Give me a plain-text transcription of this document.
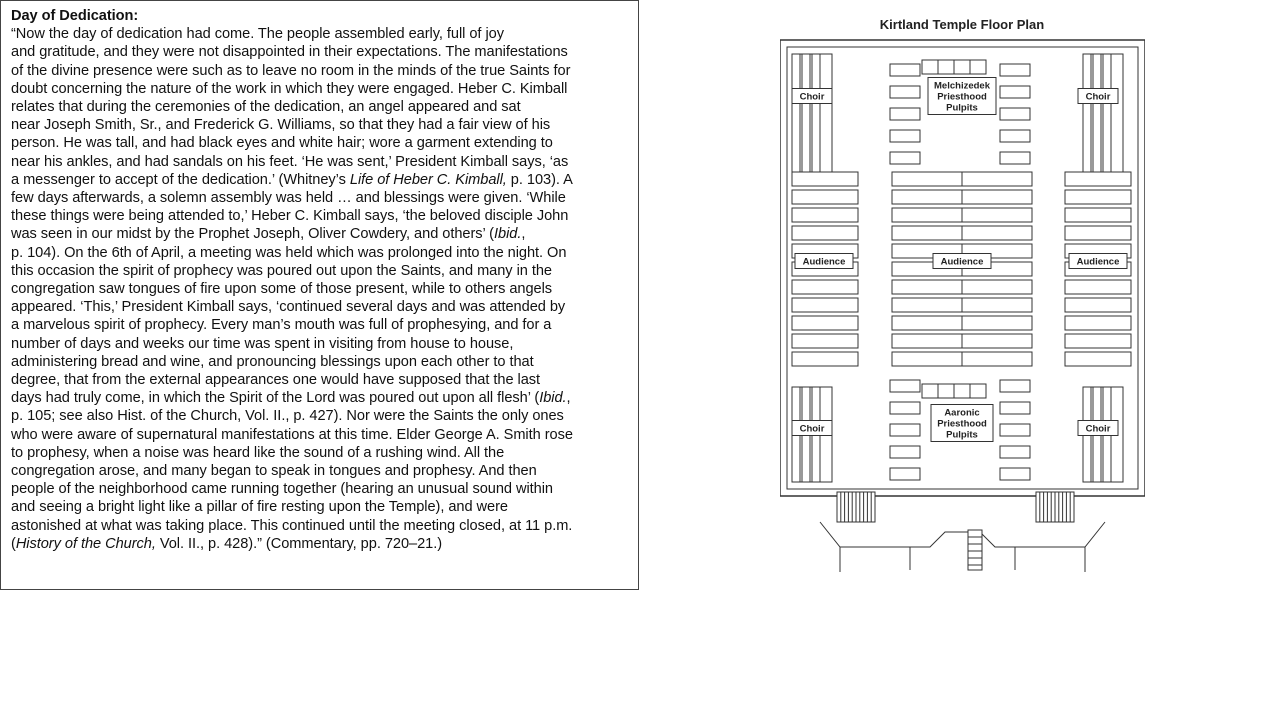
Day of Dedication:
“Now the day of dedication had come. The people assembled early, full of joy
and gratitude, and they were not disappointed in their expectations. The manifestations
of the divine presence were such as to leave no room in the minds of the true Saints for
doubt concerning the nature of the work in which they were engaged. Heber C. Kimball
relates that during the ceremonies of the dedication, an angel appeared and sat
near Joseph Smith, Sr., and Frederick G. Williams, so that they had a fair view of his
person. He was tall, and had black eyes and white hair; wore a garment extending to
near his ankles, and had sandals on his feet. ‘He was sent,’ President Kimball says, ‘as
a messenger to accept of the dedication.’ (Whitney’s Life of Heber C. Kimball, p. 103). A
few days afterwards, a solemn assembly was held … and blessings were given. ‘While
these things were being attended to,’ Heber C. Kimball says, ‘the beloved disciple John
was seen in our midst by the Prophet Joseph, Oliver Cowdery, and others’ (Ibid.,
p. 104). On the 6th of April, a meeting was held which was prolonged into the night. On
this occasion the spirit of prophecy was poured out upon the Saints, and many in the
congregation saw tongues of fire upon some of those present, while to others angels
appeared. ‘This,’ President Kimball says, ‘continued several days and was attended by
a marvelous spirit of prophecy. Every man’s mouth was full of prophesying, and for a
number of days and weeks our time was spent in visiting from house to house,
administering bread and wine, and pronouncing blessings upon each other to that
degree, that from the external appearances one would have supposed that the last
days had truly come, in which the Spirit of the Lord was poured out upon all flesh’ (Ibid.,
p. 105; see also Hist. of the Church, Vol. II., p. 427). Nor were the Saints the only ones
who were aware of supernatural manifestations at this time. Elder George A. Smith rose
to prophesy, when a noise was heard like the sound of a rushing wind. All the
congregation arose, and many began to speak in tongues and prophesy. And then
people of the neighborhood came running together (hearing an unusual sound within
and seeing a bright light like a pillar of fire resting upon the Temple), and were
astonished at what was taking place. This continued until the meeting closed, at 11 p.m.
(History of the Church, Vol. II., p. 428).” (Commentary, pp. 720–21.)
Kirtland Temple Floor Plan
Choir	Choir
Choir	Choir
Audience	Audience	Audience
Melchizedek
Priesthood
Pulpits
Aaronic
Priesthood
Pulpits
